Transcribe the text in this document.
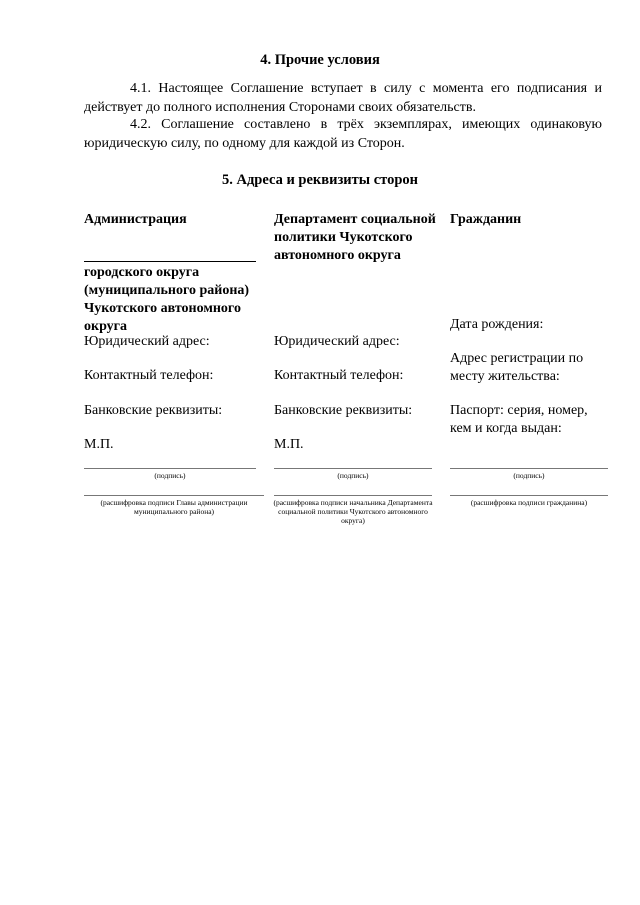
4. Прочие условия

4.1. Настоящее Соглашение вступает в силу с момента его подписания и действует до полного исполнения Сторонами своих обязательств.

4.2. Соглашение составлено в трёх экземплярах, имеющих одинаковую юридическую силу, по одному для каждой из Сторон.

5. Адреса и реквизиты сторон
Администрация
городского округа (муниципального района) Чукотского автономного округа
Юридический адрес:
Контактный телефон:
Банковские реквизиты:
М.П.
Департамент социальной политики Чукотского автономного округа
Юридический адрес:
Контактный телефон:
Банковские реквизиты:
М.П.
Гражданин
Дата рождения:
Адрес регистрации по месту жительства:
Паспорт: серия, номер, кем и когда выдан:
(подпись)	(подпись)	(подпись)
(расшифровка подписи Главы администрации муниципального района)
(расшифровка подписи начальника Департамента социальной политики Чукотского автономного округа)
(расшифровка подписи гражданина)
